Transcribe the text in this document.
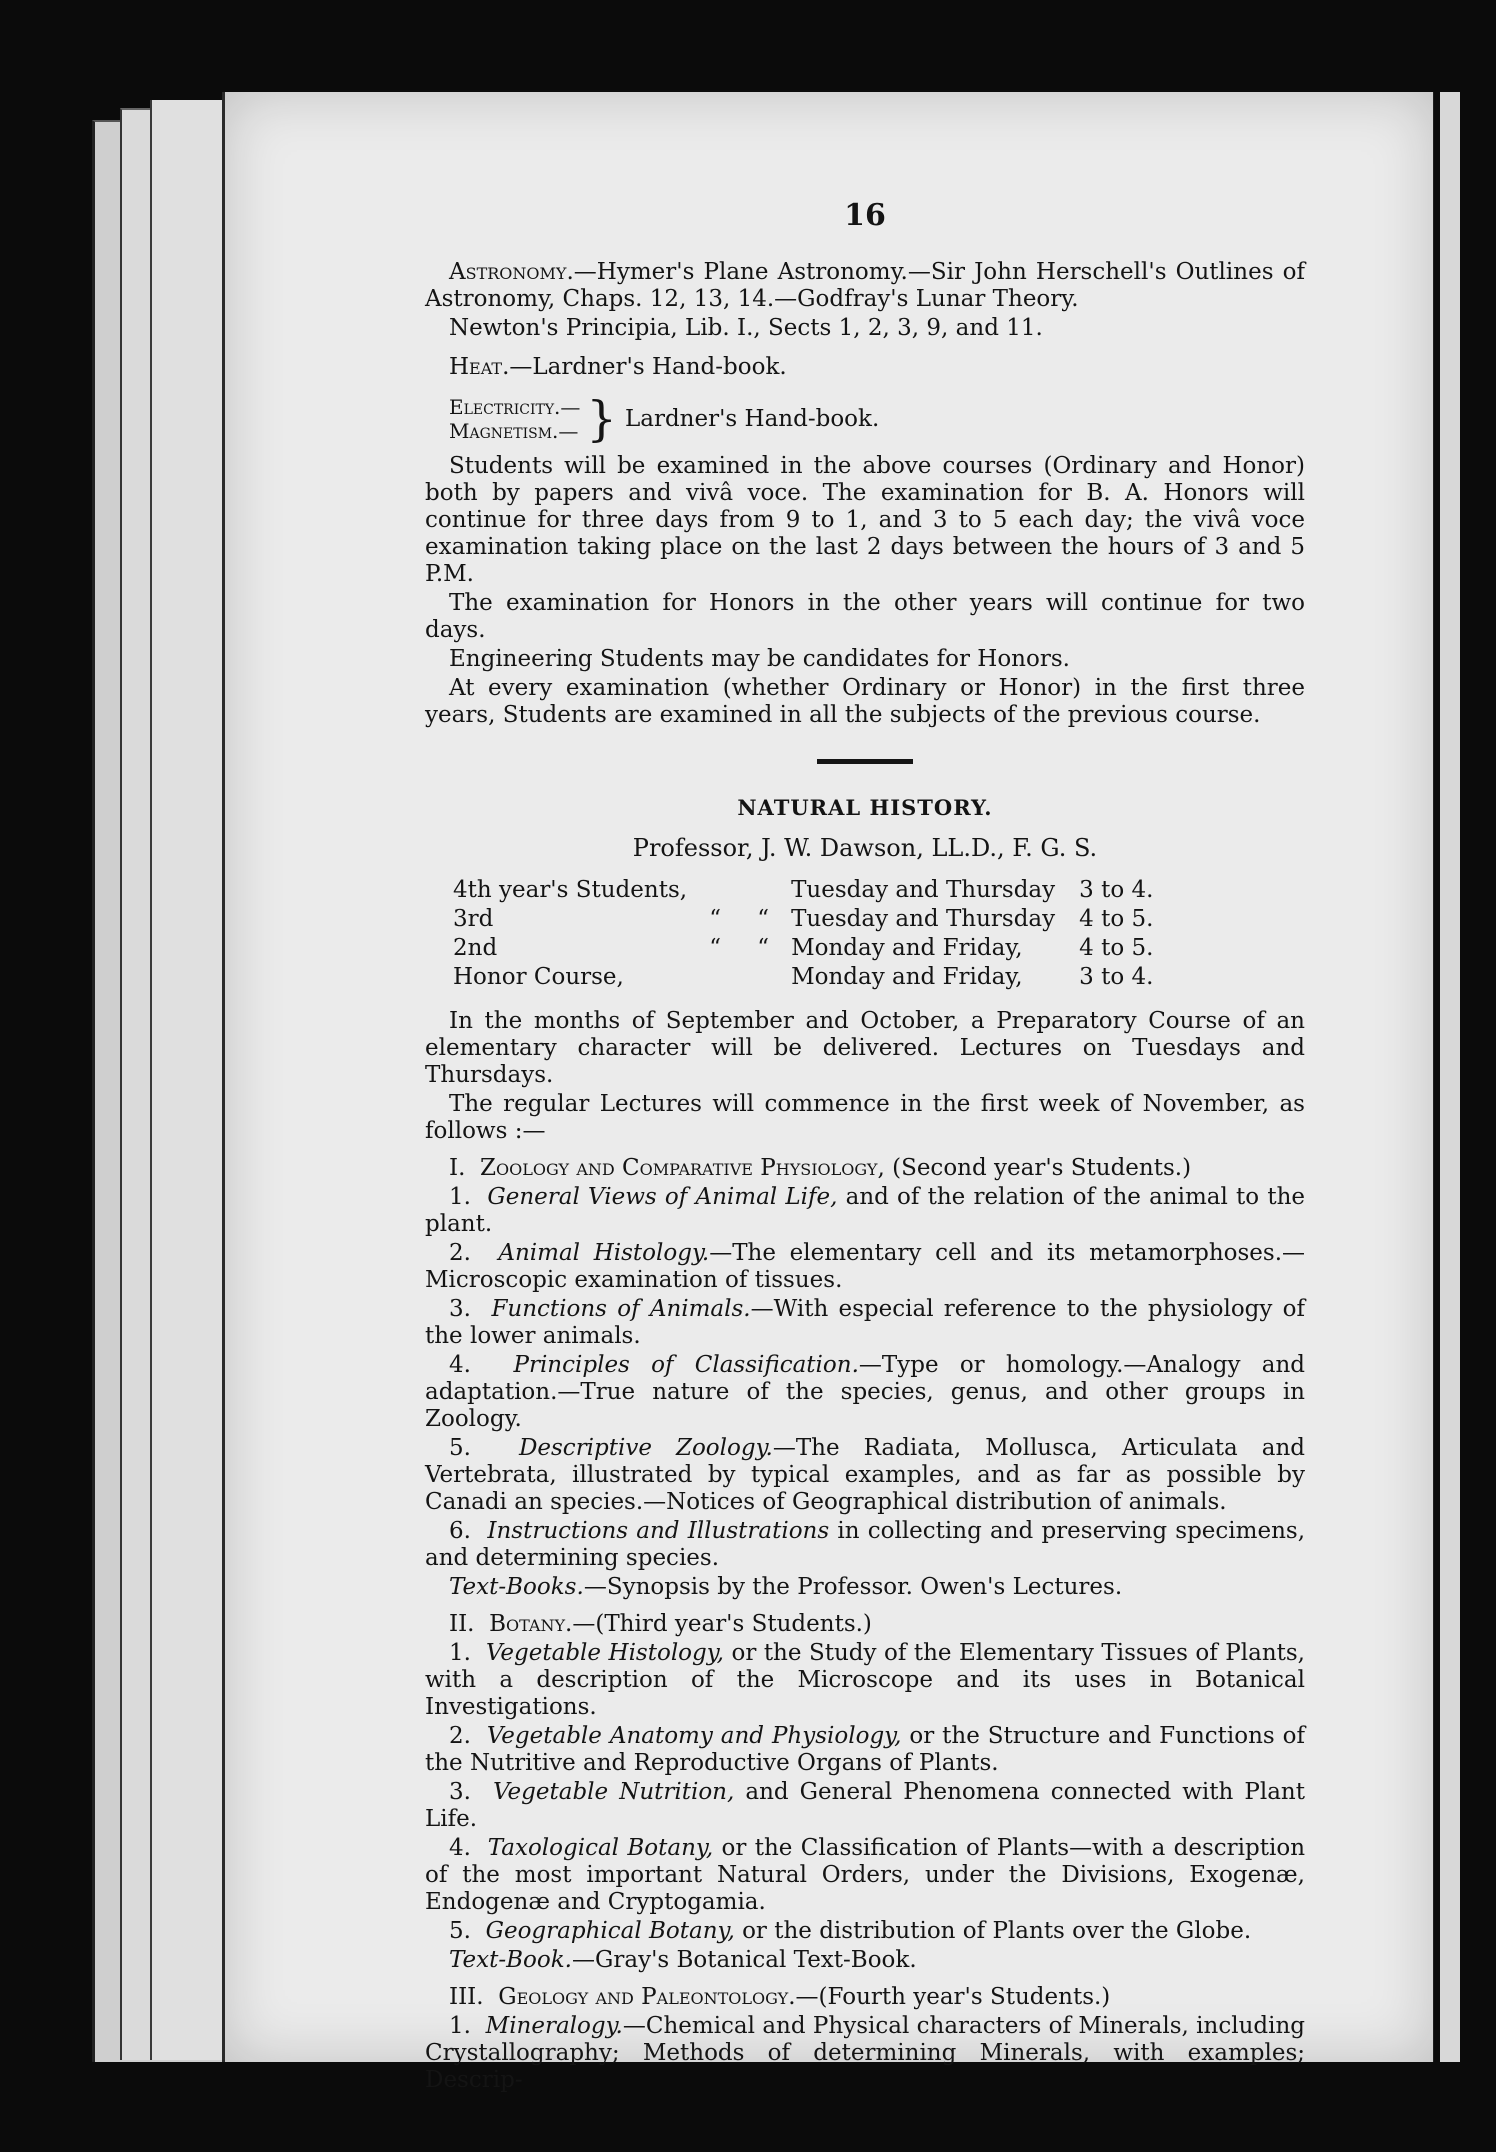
16

Astronomy.—Hymer's Plane Astronomy.—Sir John Herschell's Outlines of Astronomy, Chaps. 12, 13, 14.—Godfray's Lunar Theory.

Newton's Principia, Lib. I., Sects 1, 2, 3, 9, and 11.

Heat.—Lardner's Hand-book.

Electricity.—
Magnetism.— } Lardner's Hand-book.

Students will be examined in the above courses (Ordinary and Honor) both by papers and vivâ voce. The examination for B. A. Honors will continue for three days from 9 to 1, and 3 to 5 each day; the vivâ voce examination taking place on the last 2 days between the hours of 3 and 5 P.M.

The examination for Honors in the other years will continue for two days.

Engineering Students may be candidates for Honors.

At every examination (whether Ordinary or Honor) in the first three years, Students are examined in all the subjects of the previous course.

NATURAL HISTORY.
Professor, J. W. Dawson, LL.D., F. G. S.
4th year's Students,			Tuesday and Thursday	3 to 4.
3rd	“	“	Tuesday and Thursday	4 to 5.
2nd	“	“	Monday and Friday,	4 to 5.
Honor Course,			Monday and Friday,	3 to 4.

In the months of September and October, a Preparatory Course of an elementary character will be delivered. Lectures on Tuesdays and Thursdays.

The regular Lectures will commence in the first week of November, as follows :—

I. Zoology and Comparative Physiology, (Second year's Students.)

1. General Views of Animal Life, and of the relation of the animal to the plant.

2. Animal Histology.—The elementary cell and its metamorphoses.—Microscopic examination of tissues.

3. Functions of Animals.—With especial reference to the physiology of the lower animals.

4. Principles of Classification.—Type or homology.—Analogy and adaptation.—True nature of the species, genus, and other groups in Zoology.

5. Descriptive Zoology.—The Radiata, Mollusca, Articulata and Vertebrata, illustrated by typical examples, and as far as possible by Canadi an species.—Notices of Geographical distribution of animals.

6. Instructions and Illustrations in collecting and preserving specimens, and determining species.

Text-Books.—Synopsis by the Professor. Owen's Lectures.

II. Botany.—(Third year's Students.)

1. Vegetable Histology, or the Study of the Elementary Tissues of Plants, with a description of the Microscope and its uses in Botanical Investigations.

2. Vegetable Anatomy and Physiology, or the Structure and Functions of the Nutritive and Reproductive Organs of Plants.

3. Vegetable Nutrition, and General Phenomena connected with Plant Life.

4. Taxological Botany, or the Classification of Plants—with a description of the most important Natural Orders, under the Divisions, Exogenæ, Endogenæ and Cryptogamia.

5. Geographical Botany, or the distribution of Plants over the Globe.

Text-Book.—Gray's Botanical Text-Book.

III. Geology and Paleontology.—(Fourth year's Students.)

1. Mineralogy.—Chemical and Physical characters of Minerals, including Crystallography; Methods of determining Minerals, with examples; Descrip-
